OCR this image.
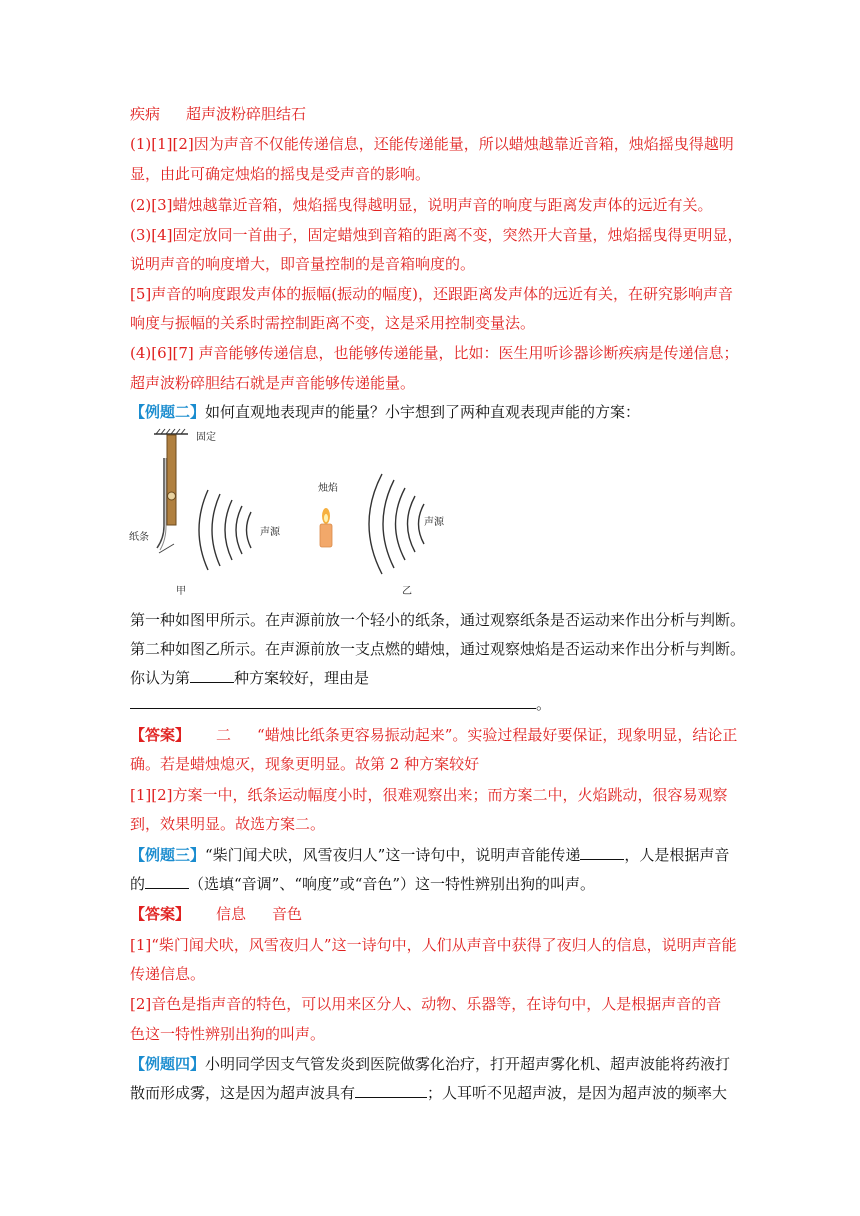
疾病 超声波粉碎胆结石
(1)[1][2]因为声音不仅能传递信息，还能传递能量，所以蜡烛越靠近音箱，烛焰摇曳得越明
显，由此可确定烛焰的摇曳是受声音的影响。
(2)[3]蜡烛越靠近音箱，烛焰摇曳得越明显，说明声音的响度与距离发声体的远近有关。
(3)[4]固定放同一首曲子，固定蜡烛到音箱的距离不变，突然开大音量，烛焰摇曳得更明显，
说明声音的响度增大，即音量控制的是音箱响度的。
[5]声音的响度跟发声体的振幅(振动的幅度)，还跟距离发声体的远近有关，在研究影响声音
响度与振幅的关系时需控制距离不变，这是采用控制变量法。
(4)[6][7] 声音能够传递信息，也能够传递能量，比如：医生用听诊器诊断疾病是传递信息；
超声波粉碎胆结石就是声音能够传递能量。
【例题二】如何直观地表现声的能量？小宇想到了两种直观表现声能的方案：
固定
纸条	声源
甲
烛焰
声源
乙
第一种如图甲所示。在声源前放一个轻小的纸条，通过观察纸条是否运动来作出分析与判断。
第二种如图乙所示。在声源前放一支点燃的蜡烛，通过观察烛焰是否运动来作出分析与判断。
你认为第	种方案较好，理由是
。
【答案】 二 “蜡烛比纸条更容易振动起来”。实验过程最好要保证，现象明显，结论正
确。若是蜡烛熄灭，现象更明显。故第 2 种方案较好
[1][2]方案一中，纸条运动幅度小时，很难观察出来；而方案二中，火焰跳动，很容易观察
到，效果明显。故选方案二。
【例题三】“柴门闻犬吠，风雪夜归人”这一诗句中，说明声音能传递	，人是根据声音
的	（选填“音调”、“响度”或“音色”）这一特性辨别出狗的叫声。
【答案】 信息 音色
[1]“柴门闻犬吠，风雪夜归人”这一诗句中，人们从声音中获得了夜归人的信息，说明声音能
传递信息。
[2]音色是指声音的特色，可以用来区分人、动物、乐器等，在诗句中，人是根据声音的音
色这一特性辨别出狗的叫声。
【例题四】小明同学因支气管发炎到医院做雾化治疗，打开超声雾化机、超声波能将药液打
散而形成雾，这是因为超声波具有	；人耳听不见超声波，是因为超声波的频率大
